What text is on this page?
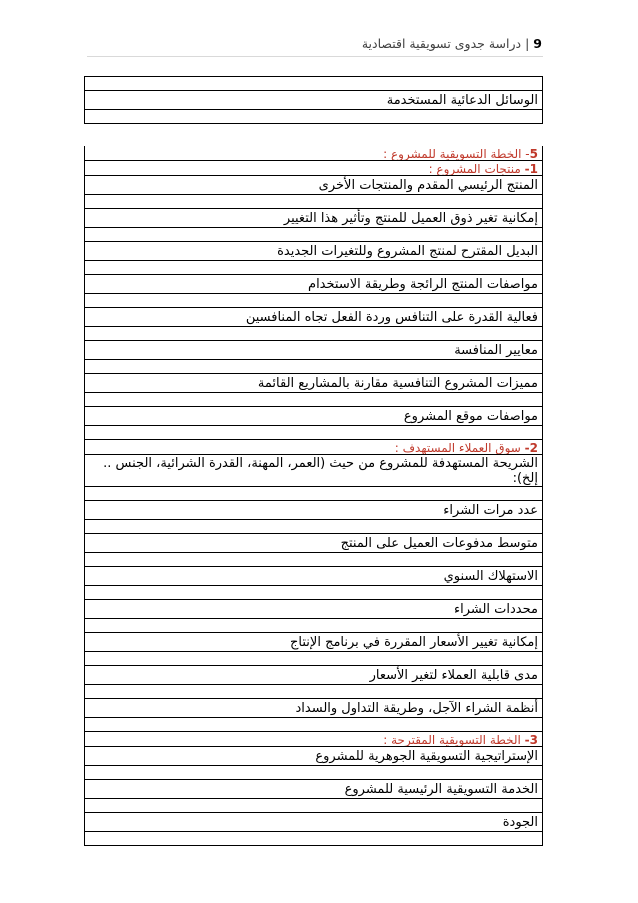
9 | دراسة جدوى تسويقية اقتصادية
الوسائل الدعائية المستخدمة
5- الخطة التسويقية للمشروع :
1- منتجات المشروع :
المنتج الرئيسي المقدم والمنتجات الأخرى
إمكانية تغير ذوق العميل للمنتج وتأثير هذا التغيير
البديل المقترح لمنتج المشروع وللتغيرات الجديدة
مواصفات المنتج الرائجة وطريقة الاستخدام
فعالية القدرة على التنافس وردة الفعل تجاه المنافسين
معايير المنافسة
مميزات المشروع التنافسية مقارنة بالمشاريع القائمة
مواصفات موقع المشروع
2- سوق العملاء المستهدف :
الشريحة المستهدفة للمشروع من حيث (العمر، المهنة، القدرة الشرائية، الجنس .. إلخ):
عدد مرات الشراء
متوسط مدفوعات العميل على المنتج
الاستهلاك السنوي
محددات الشراء
إمكانية تغيير الأسعار المقررة في برنامج الإنتاج
مدى قابلية العملاء لتغير الأسعار
أنظمة الشراء الآجل، وطريقة التداول والسداد
3- الخطة التسويقية المقترحة :
الإستراتيجية التسويقية الجوهرية للمشروع
الخدمة التسويقية الرئيسية للمشروع
الجودة
